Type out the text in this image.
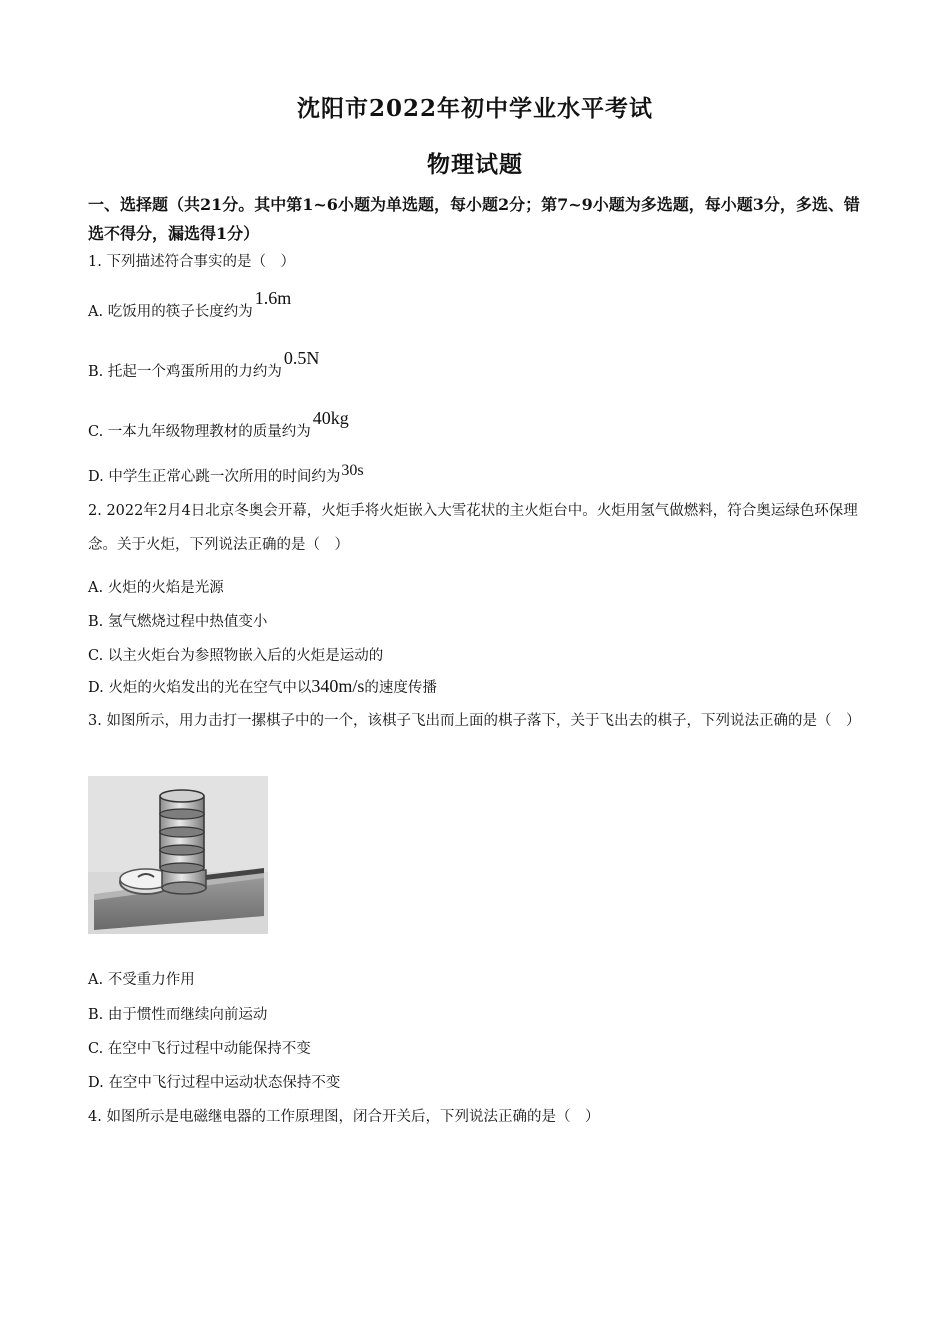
沈阳市2022年初中学业水平考试
物理试题
一、选择题（共21分。其中第1~6小题为单选题，每小题2分；第7~9小题为多选题，每小题3分，多选、错选不得分，漏选得1分）
1. 下列描述符合事实的是（　）
A. 吃饭用的筷子长度约为1.6m
B. 托起一个鸡蛋所用的力约为0.5N
C. 一本九年级物理教材的质量约为40kg
D. 中学生正常心跳一次所用的时间约为30s
2. 2022年2月4日北京冬奥会开幕，火炬手将火炬嵌入大雪花状的主火炬台中。火炬用氢气做燃料，符合奥运绿色环保理念。关于火炬，下列说法正确的是（　）
A. 火炬的火焰是光源
B. 氢气燃烧过程中热值变小
C. 以主火炬台为参照物嵌入后的火炬是运动的
D. 火炬的火焰发出的光在空气中以340m/s的速度传播
3. 如图所示，用力击打一摞棋子中的一个，该棋子飞出而上面的棋子落下，关于飞出去的棋子，下列说法正确的是（　）
A. 不受重力作用
B. 由于惯性而继续向前运动
C. 在空中飞行过程中动能保持不变
D. 在空中飞行过程中运动状态保持不变
4. 如图所示是电磁继电器的工作原理图，闭合开关后，下列说法正确的是（　）
